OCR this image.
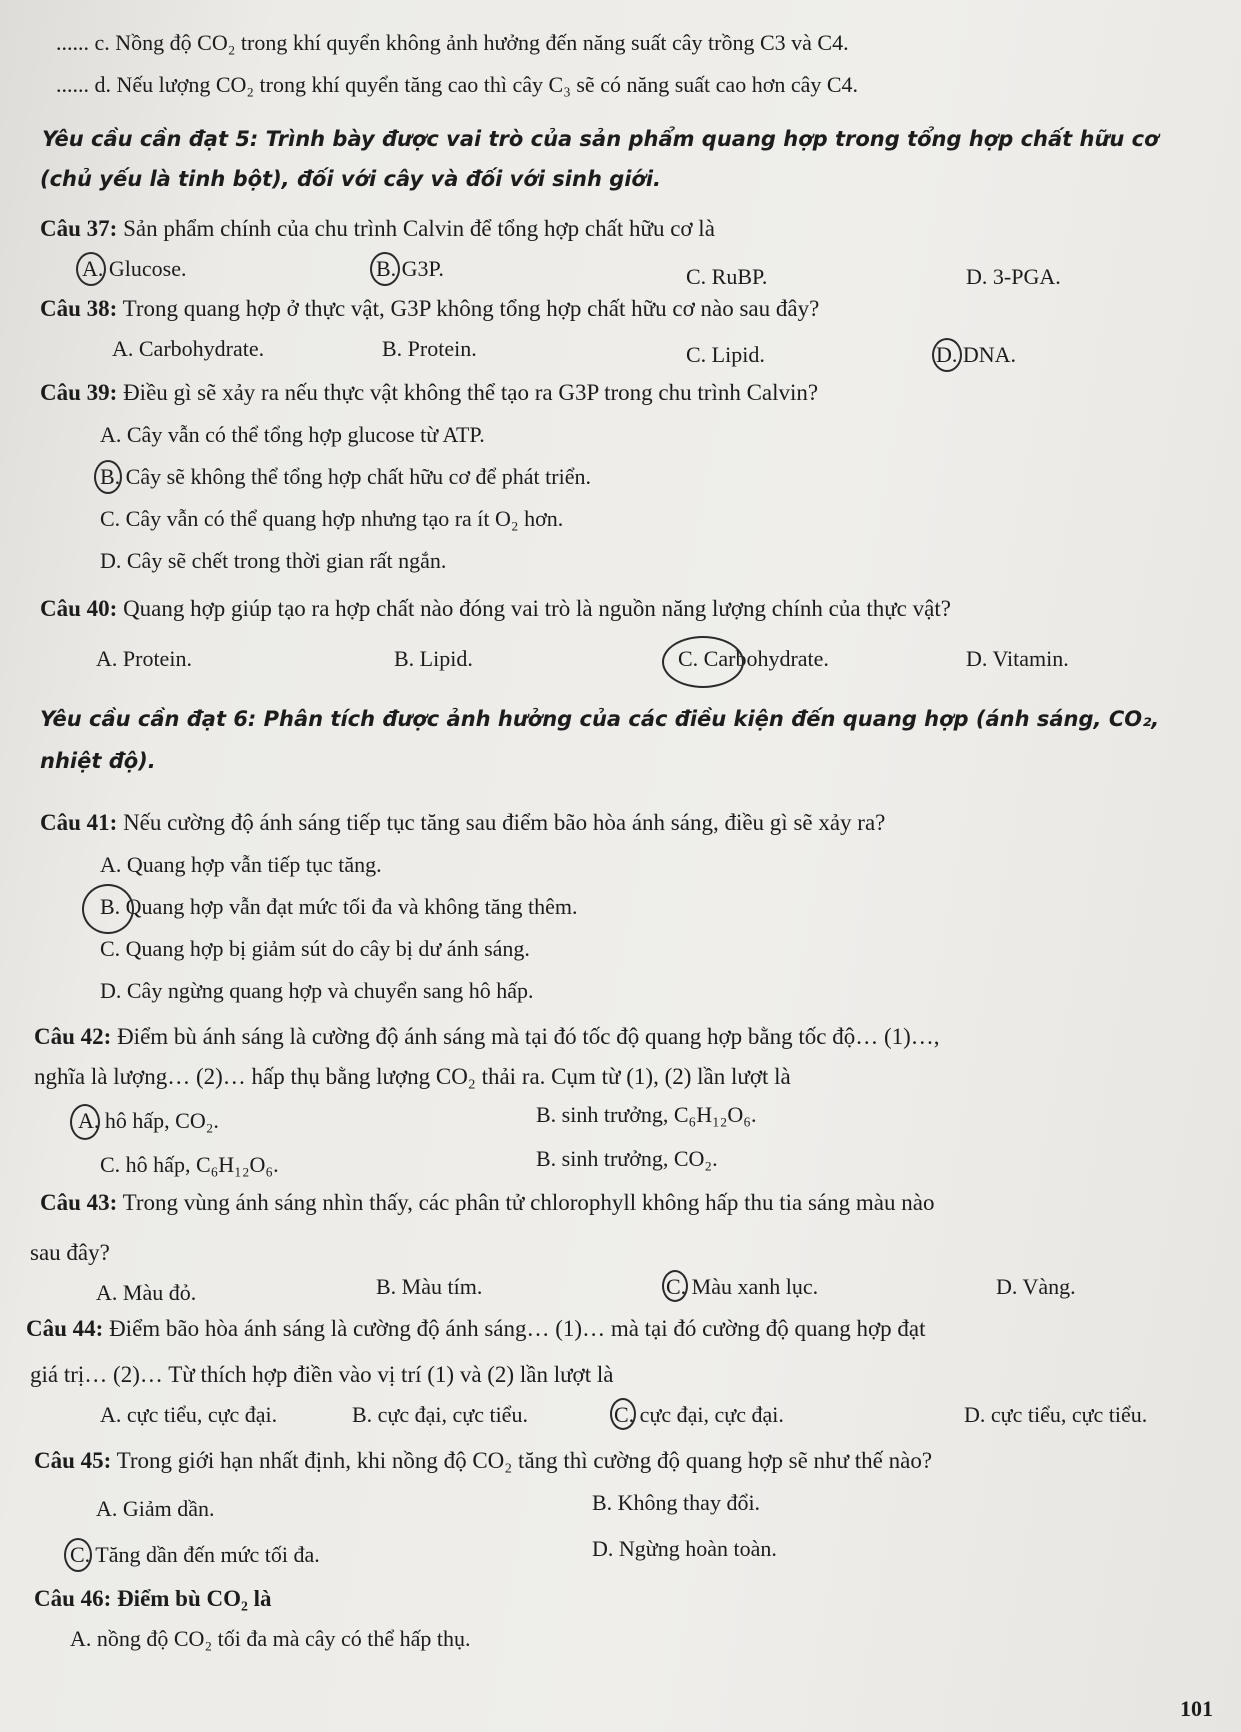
...... c. Nồng độ CO₂ trong khí quyển không ảnh hưởng đến năng suất cây trồng C3 và C4.
...... d. Nếu lượng CO₂ trong khí quyển tăng cao thì cây C₃ sẽ có năng suất cao hơn cây C4.
Yêu cầu cần đạt 5: Trình bày được vai trò của sản phẩm quang hợp trong tổng hợp chất hữu cơ
(chủ yếu là tinh bột), đối với cây và đối với sinh giới.
Câu 37: Sản phẩm chính của chu trình Calvin để tổng hợp chất hữu cơ là
A. Glucose.	B. G3P.	C. RuBP.	D. 3-PGA.
Câu 38: Trong quang hợp ở thực vật, G3P không tổng hợp chất hữu cơ nào sau đây?
A. Carbohydrate.	B. Protein.	C. Lipid.	D. DNA.
Câu 39: Điều gì sẽ xảy ra nếu thực vật không thể tạo ra G3P trong chu trình Calvin?
A. Cây vẫn có thể tổng hợp glucose từ ATP.
B. Cây sẽ không thể tổng hợp chất hữu cơ để phát triển.
C. Cây vẫn có thể quang hợp nhưng tạo ra ít O₂ hơn.
D. Cây sẽ chết trong thời gian rất ngắn.
Câu 40: Quang hợp giúp tạo ra hợp chất nào đóng vai trò là nguồn năng lượng chính của thực vật?
A. Protein.	B. Lipid.	C. Carbohydrate.	D. Vitamin.
Yêu cầu cần đạt 6: Phân tích được ảnh hưởng của các điều kiện đến quang hợp (ánh sáng, CO₂,
nhiệt độ).
Câu 41: Nếu cường độ ánh sáng tiếp tục tăng sau điểm bão hòa ánh sáng, điều gì sẽ xảy ra?
A. Quang hợp vẫn tiếp tục tăng.
B. Quang hợp vẫn đạt mức tối đa và không tăng thêm.
C. Quang hợp bị giảm sút do cây bị dư ánh sáng.
D. Cây ngừng quang hợp và chuyển sang hô hấp.
Câu 42: Điểm bù ánh sáng là cường độ ánh sáng mà tại đó tốc độ quang hợp bằng tốc độ… (1)…,
nghĩa là lượng… (2)… hấp thụ bằng lượng CO₂ thải ra. Cụm từ (1), (2) lần lượt là
A. hô hấp, CO₂.	B. sinh trưởng, C₆H₁₂O₆.
C. hô hấp, C₆H₁₂O₆.	B. sinh trưởng, CO₂.
Câu 43: Trong vùng ánh sáng nhìn thấy, các phân tử chlorophyll không hấp thu tia sáng màu nào
sau đây?
A. Màu đỏ.	B. Màu tím.	C. Màu xanh lục.	D. Vàng.
Câu 44: Điểm bão hòa ánh sáng là cường độ ánh sáng… (1)… mà tại đó cường độ quang hợp đạt
giá trị… (2)… Từ thích hợp điền vào vị trí (1) và (2) lần lượt là
A. cực tiểu, cực đại.	B. cực đại, cực tiểu.	C. cực đại, cực đại.	D. cực tiểu, cực tiểu.
Câu 45: Trong giới hạn nhất định, khi nồng độ CO₂ tăng thì cường độ quang hợp sẽ như thế nào?
A. Giảm dần.	B. Không thay đổi.
C. Tăng dần đến mức tối đa.	D. Ngừng hoàn toàn.
Câu 46: Điểm bù CO₂ là
A. nồng độ CO₂ tối đa mà cây có thể hấp thụ.
101
